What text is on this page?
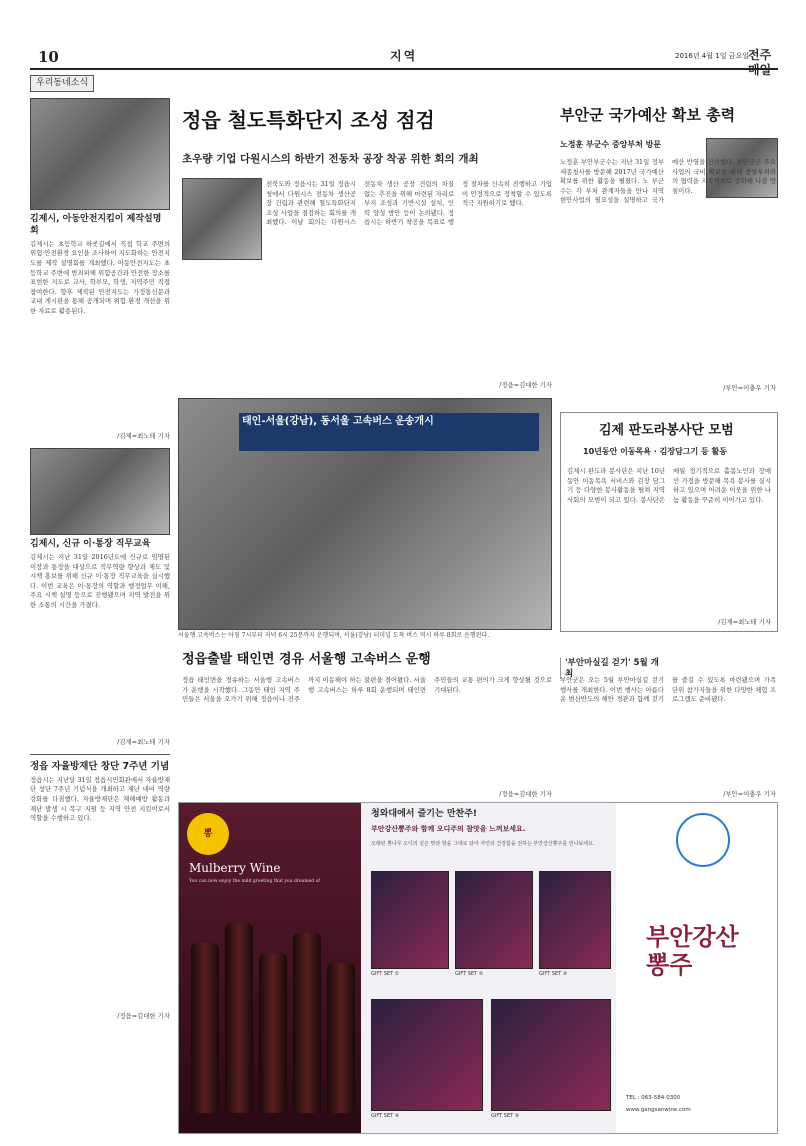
10	지역	2016년 4월 1일 금요일 전주매일
우리동네소식
김제시, 아동안전지킴이 제작설명회
김제시는 초등학교 하굣길에서 직접 학교 주변의 위험·안전환경 요인을 조사하여 지도화하는 안전지도를 제작 설명회를 개최했다. 아동안전지도는 초등학교 주변에 범죄피해 위험공간과 안전한 장소를 표현한 지도로 교사, 학부모, 학생, 지역주민 직접 참여한다. 향후 제작된 안전지도는 가정통신문과 교내 게시판을 통해 공개되며 위험 환경 개선을 위한 자료로 활용된다.
/김제=최노테 기자
김제시, 신규 이·통장 직무교육
김제시는 지난 31일 2016년도에 신규로 임명된 이장과 통장을 대상으로 직무역량 향상과 제도 및 시책 홍보를 위해 신규 이·통장 직무교육을 실시했다. 이번 교육은 이·통장의 역할과 행정업무 이해, 주요 시책 설명 등으로 진행됐으며 지역 발전을 위한 소통의 시간을 가졌다.
/김제=최노테 기자
정읍 자율방재단 창단 7주년 기념
정읍시는 지난달 31일 정읍시민회관에서 자율방재단 창단 7주년 기념식을 개최하고 재난 대비 역량 강화를 다짐했다. 자율방재단은 재해예방 활동과 재난 발생 시 복구 지원 등 지역 안전 지킴이로서 역할을 수행하고 있다.
/정읍=김대한 기자
정읍 철도특화단지 조성 점검
초우량 기업 다원시스의 하반기 전동차 공장 착공 위한 회의 개최
전북도와 정읍시는 31일 정읍시청에서 다원시스 전동차 생산공장 건립과 관련해 철도특화단지 조성 사업을 점검하는 회의를 개최했다. 이날 회의는 다원시스 전동차 생산 공장 건립의 차질 없는 추진을 위해 마련된 자리로 부지 조성과 기반시설 설치, 인력 양성 방안 등이 논의됐다. 정읍시는 하반기 착공을 목표로 행정 절차를 신속히 진행하고 기업이 안정적으로 정착할 수 있도록 적극 지원하기로 했다.
/정읍=김대한 기자
부안군 국가예산 확보 총력
노정훈 부군수 중앙부처 방문
노정훈 부안부군수는 지난 31일 정부세종청사를 방문해 2017년 국가예산 확보를 위한 활동을 펼쳤다. 노 부군수는 각 부처 관계자들을 만나 지역 현안사업의 필요성을 설명하고 국가예산 반영을 건의했다. 부안군은 주요 사업의 국비 확보를 위해 중앙부처와의 협력을 지속적으로 강화해 나갈 방침이다.
/부안=이충우 기자
태인-서울(강남), 동서울 고속버스 운송개시
서울행 고속버스는 아침 7시부터 저녁 6시 25분까지 운행되며, 서울(강남) 터미널 도착 버스 역시 하루 8회로 운행된다.
김제 판도라봉사단 모범
10년동안 이동목욕 · 김장담그기 등 활동
김제시 판도라 봉사단은 지난 10년 동안 이동목욕 서비스와 김장 담그기 등 다양한 봉사활동을 펼쳐 지역사회의 모범이 되고 있다. 봉사단은 매월 정기적으로 홀몸노인과 장애인 가정을 방문해 목욕 봉사를 실시하고 있으며 어려운 이웃을 위한 나눔 활동을 꾸준히 이어가고 있다.
/김제=최노테 기자
정읍출발 태인면 경유 서울행 고속버스 운행
정읍 태인면을 경유하는 서울행 고속버스가 운행을 시작했다. 그동안 태인 지역 주민들은 서울을 오가기 위해 정읍이나 전주까지 이동해야 하는 불편을 겪어왔다. 서울행 고속버스는 하루 8회 운행되며 태인면 주민들의 교통 편의가 크게 향상될 것으로 기대된다.
/정읍=김대한 기자
'부안마실길 걷기' 5월 개최
부안군은 오는 5월 부안마실길 걷기 행사를 개최한다. 이번 행사는 아름다운 변산반도의 해안 경관과 함께 걷기를 즐길 수 있도록 마련됐으며 가족 단위 참가자들을 위한 다양한 체험 프로그램도 준비됐다.
/부안=이충우 기자
뽕
Mulberry Wine
You can now enjoy the mild greeting that you dreamed of
청와대에서 즐기는 만찬주!
부안강산뽕주와 함께 오디주의 참맛을 느껴보세요.
오래된 뽕나무 오디의 깊은 맛과 향을 그대로 담아 자연의 건강함을 전하는 부안강산뽕주를 만나보세요.
GIFT SET ①	GIFT SET ②	GIFT SET ③
GIFT SET ④	GIFT SET ⑤
부안강산뽕주
TEL : 063-584-0300
www.gangsanwine.com
